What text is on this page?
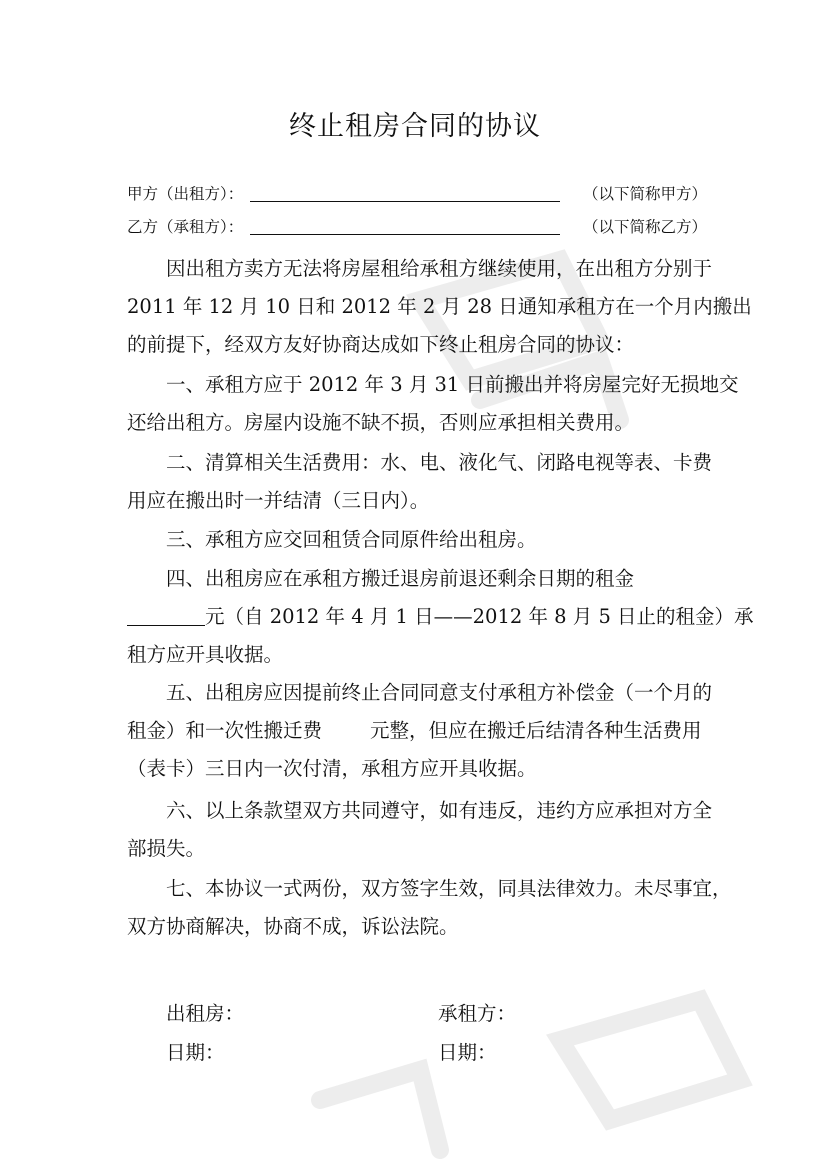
终止租房合同的协议
甲方（出租方）：	（以下简称甲方）
乙方（承租方）：	（以下简称乙方）
因出租方卖方无法将房屋租给承租方继续使用，在出租方分别于
2011 年 12 月 10 日和 2012 年 2 月 28 日通知承租方在一个月内搬出
的前提下，经双方友好协商达成如下终止租房合同的协议：
一、承租方应于 2012 年 3 月 31 日前搬出并将房屋完好无损地交
还给出租方。房屋内设施不缺不损，否则应承担相关费用。
二、清算相关生活费用：水、电、液化气、闭路电视等表、卡费
用应在搬出时一并结清（三日内）。
三、承租方应交回租赁合同原件给出租房。
四、出租房应在承租方搬迁退房前退还剩余日期的租金
元（自 2012 年 4 月 1 日——2012 年 8 月 5 日止的租金）承
租方应开具收据。
五、出租房应因提前终止合同同意支付承租方补偿金（一个月的
租金）和一次性搬迁费 元整，但应在搬迁后结清各种生活费用
（表卡）三日内一次付清，承租方应开具收据。
六、以上条款望双方共同遵守，如有违反，违约方应承担对方全
部损失。
七、本协议一式两份，双方签字生效，同具法律效力。未尽事宜，
双方协商解决，协商不成，诉讼法院。
出租房：	承租方：
日期：	日期：
